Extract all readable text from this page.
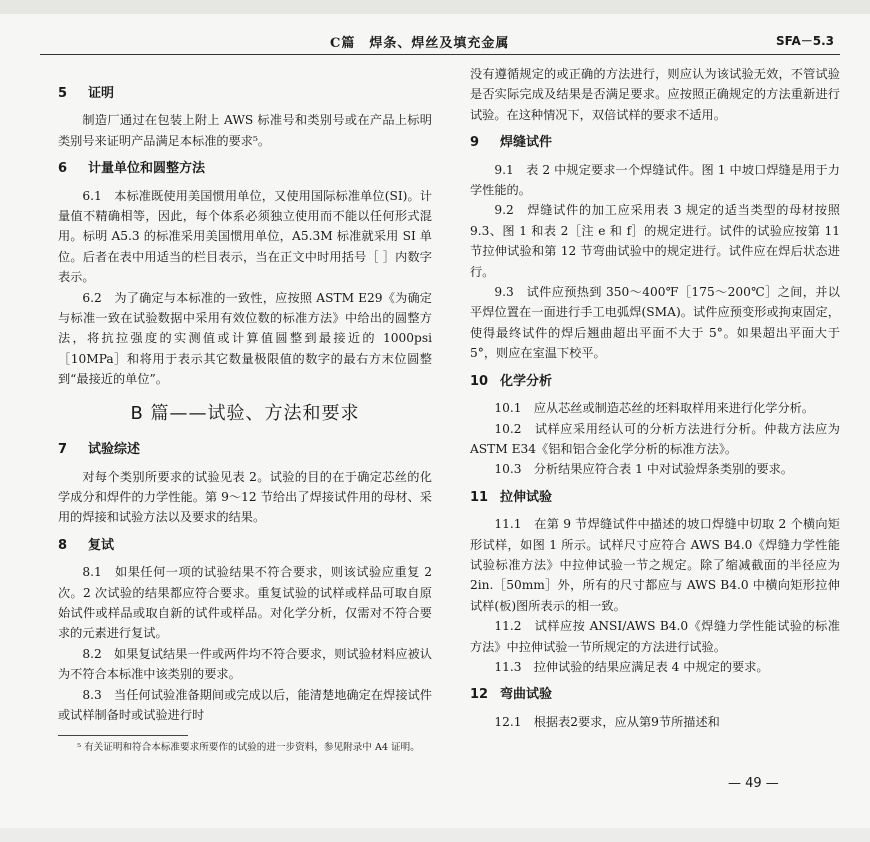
C篇　焊条、焊丝及填充金属	SFA－5.3
5 证明

制造厂通过在包装上附上 AWS 标准号和类别号或在产品上标明类别号来证明产品满足本标准的要求⁵。

6 计量单位和圆整方法

6.1　本标准既使用美国惯用单位，又使用国际标准单位(SI)。计量值不精确相等，因此，每个体系必须独立使用而不能以任何形式混用。标明 A5.3 的标准采用美国惯用单位，A5.3M 标准就采用 SI 单位。后者在表中用适当的栏目表示，当在正文中时用括号［ ］内数字表示。

6.2　为了确定与本标准的一致性，应按照 ASTM E29《为确定与标准一致在试验数据中采用有效位数的标准方法》中给出的圆整方法，将抗拉强度的实测值或计算值圆整到最接近的 1000psi［10MPa］和将用于表示其它数量极限值的数字的最右方末位圆整到“最接近的单位”。

B 篇——试验、方法和要求
7 试验综述

对每个类别所要求的试验见表 2。试验的目的在于确定芯丝的化学成分和焊件的力学性能。第 9～12 节给出了焊接试件用的母材、采用的焊接和试验方法以及要求的结果。

8 复试

8.1　如果任何一项的试验结果不符合要求，则该试验应重复 2 次。2 次试验的结果都应符合要求。重复试验的试样或样品可取自原始试件或样品或取自新的试件或样品。对化学分析，仅需对不符合要求的元素进行复试。

8.2　如果复试结果一件或两件均不符合要求，则试验材料应被认为不符合本标准中该类别的要求。

8.3　当任何试验准备期间或完成以后，能清楚地确定在焊接试件或试样制备时或试验进行时

⁵ 有关证明和符合本标准要求所要作的试验的进一步资料，参见附录中 A4 证明。

没有遵循规定的或正确的方法进行，则应认为该试验无效，不管试验是否实际完成及结果是否满足要求。应按照正确规定的方法重新进行试验。在这种情况下，双倍试样的要求不适用。

9 焊缝试件

9.1　表 2 中规定要求一个焊缝试件。图 1 中坡口焊缝是用于力学性能的。

9.2　焊缝试件的加工应采用表 3 规定的适当类型的母材按照 9.3、图 1 和表 2［注 e 和 f］的规定进行。试件的试验应按第 11 节拉伸试验和第 12 节弯曲试验中的规定进行。试件应在焊后状态进行。

9.3　试件应预热到 350～400℉［175～200℃］之间，并以平焊位置在一面进行手工电弧焊(SMA)。试件应预变形或拘束固定，使得最终试件的焊后翘曲超出平面不大于 5°。如果超出平面大于 5°，则应在室温下校平。

10 化学分析

10.1　应从芯丝或制造芯丝的坯料取样用来进行化学分析。

10.2　试样应采用经认可的分析方法进行分析。仲裁方法应为 ASTM E34《铝和铝合金化学分析的标准方法》。

10.3　分析结果应符合表 1 中对试验焊条类别的要求。

11 拉伸试验

11.1　在第 9 节焊缝试件中描述的坡口焊缝中切取 2 个横向矩形试样，如图 1 所示。试样尺寸应符合 AWS B4.0《焊缝力学性能试验标准方法》中拉伸试验一节之规定。除了缩减截面的半径应为 2in.［50mm］外，所有的尺寸都应与 AWS B4.0 中横向矩形拉伸试样(板)图所表示的相一致。

11.2　试样应按 ANSI/AWS B4.0《焊缝力学性能试验的标准方法》中拉伸试验一节所规定的方法进行试验。

11.3　拉伸试验的结果应满足表 4 中规定的要求。

12 弯曲试验

12.1　根据表2要求，应从第9节所描述和

— 49 —
